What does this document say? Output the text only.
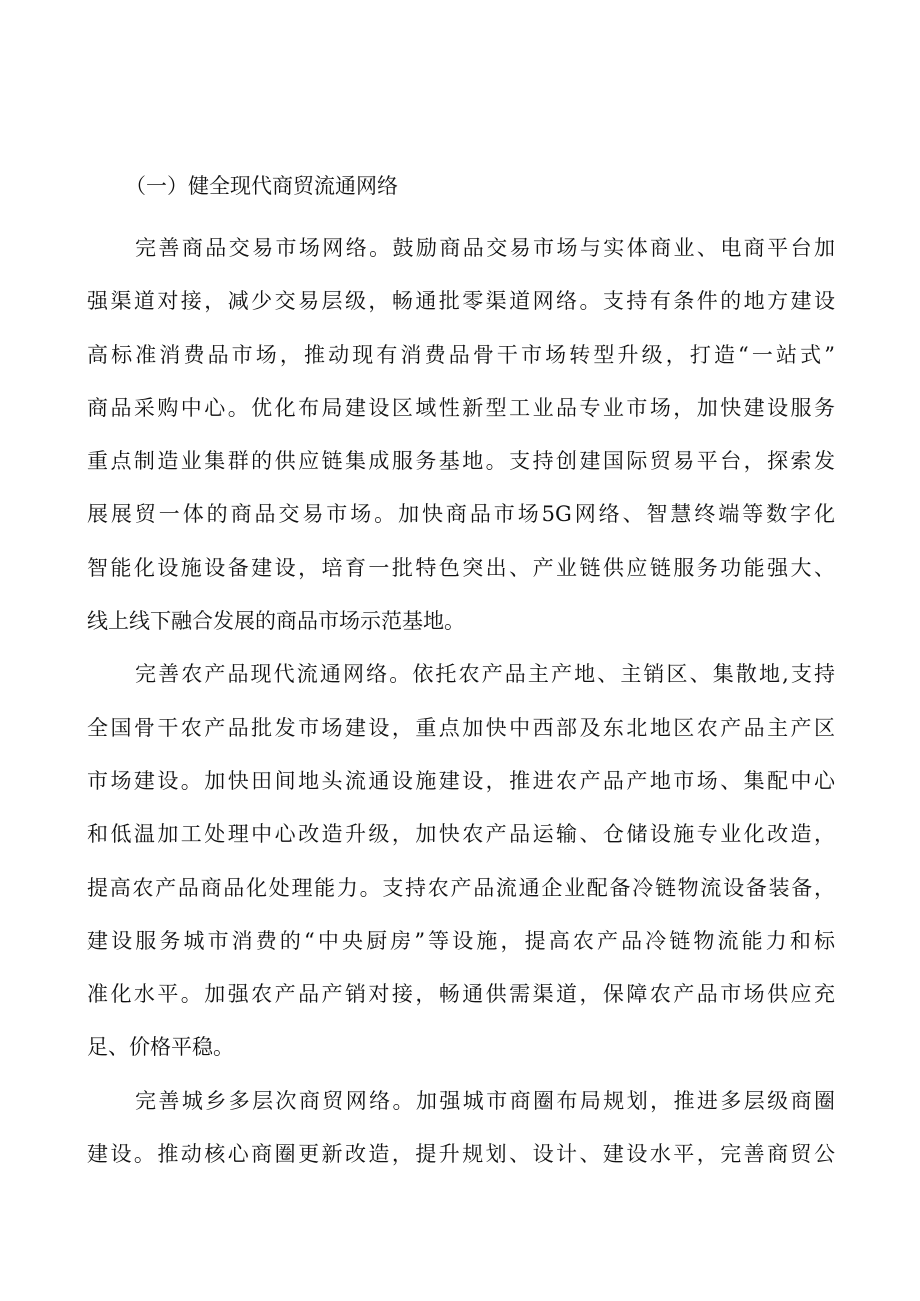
（一）健全现代商贸流通网络
完善商品交易市场网络。鼓励商品交易市场与实体商业、电商平台加
强渠道对接，减少交易层级，畅通批零渠道网络。支持有条件的地方建设
高标准消费品市场，推动现有消费品骨干市场转型升级，打造“一站式”
商品采购中心。优化布局建设区域性新型工业品专业市场，加快建设服务
重点制造业集群的供应链集成服务基地。支持创建国际贸易平台，探索发
展展贸一体的商品交易市场。加快商品市场5G网络、智慧终端等数字化
智能化设施设备建设，培育一批特色突出、产业链供应链服务功能强大、
线上线下融合发展的商品市场示范基地。
完善农产品现代流通网络。依托农产品主产地、主销区、集散地,支持
全国骨干农产品批发市场建设，重点加快中西部及东北地区农产品主产区
市场建设。加快田间地头流通设施建设，推进农产品产地市场、集配中心
和低温加工处理中心改造升级，加快农产品运输、仓储设施专业化改造，
提高农产品商品化处理能力。支持农产品流通企业配备冷链物流设备装备，
建设服务城市消费的“中央厨房”等设施，提高农产品冷链物流能力和标
准化水平。加强农产品产销对接，畅通供需渠道，保障农产品市场供应充
足、价格平稳。
完善城乡多层次商贸网络。加强城市商圈布局规划，推进多层级商圈
建设。推动核心商圈更新改造，提升规划、设计、建设水平，完善商贸公
